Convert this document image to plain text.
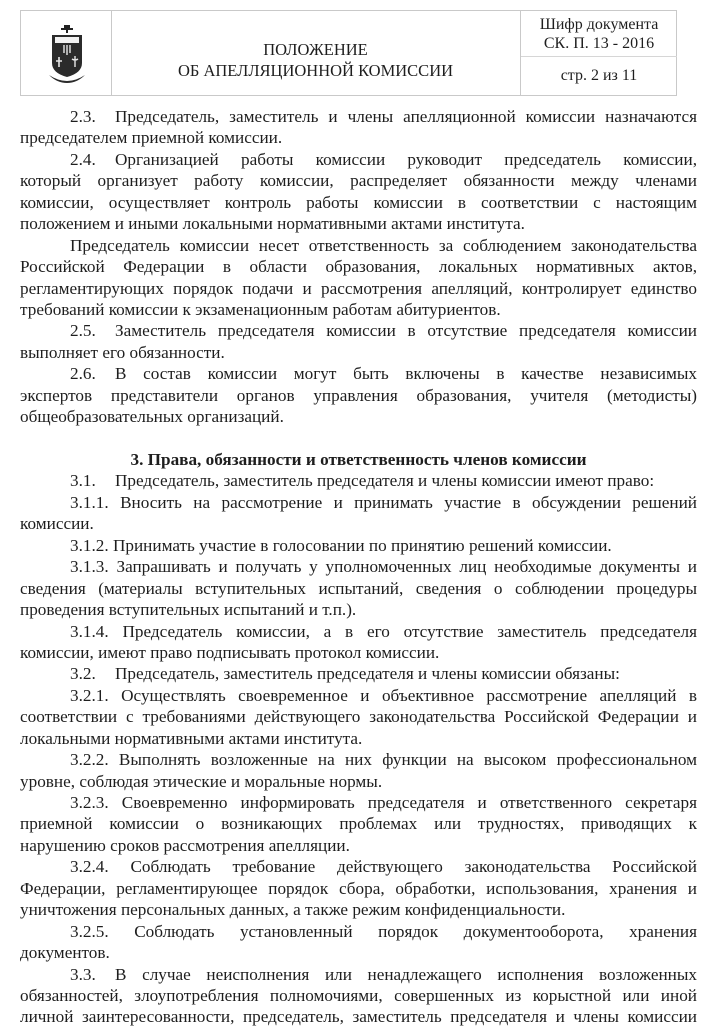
ПОЛОЖЕНИЕ
ОБ АПЕЛЛЯЦИОННОЙ КОМИССИИ
Шифр документа
СК. П. 13 - 2016
стр. 2 из 11
2.3. Председатель, заместитель и члены апелляционной комиссии назначаются
председателем приемной комиссии.
2.4. Организацией работы комиссии руководит председатель комиссии,
который организует работу комиссии, распределяет обязанности между членами
комиссии, осуществляет контроль работы комиссии в соответствии с настоящим
положением и иными локальными нормативными актами института.
Председатель комиссии несет ответственность за соблюдением законодательства
Российской Федерации в области образования, локальных нормативных актов,
регламентирующих порядок подачи и рассмотрения апелляций, контролирует единство
требований комиссии к экзаменационным работам абитуриентов.
2.5. Заместитель председателя комиссии в отсутствие председателя комиссии
выполняет его обязанности.
2.6. В состав комиссии могут быть включены в качестве независимых
экспертов представители органов управления образования, учителя (методисты)
общеобразовательных организаций.
3. Права, обязанности и ответственность членов комиссии
3.1. Председатель, заместитель председателя и члены комиссии имеют право:
3.1.1. Вносить на рассмотрение и принимать участие в обсуждении решений
комиссии.
3.1.2. Принимать участие в голосовании по принятию решений комиссии.
3.1.3. Запрашивать и получать у уполномоченных лиц необходимые документы и
сведения (материалы вступительных испытаний, сведения о соблюдении процедуры
проведения вступительных испытаний и т.п.).
3.1.4. Председатель комиссии, а в его отсутствие заместитель председателя
комиссии, имеют право подписывать протокол комиссии.
3.2. Председатель, заместитель председателя и члены комиссии обязаны:
3.2.1. Осуществлять своевременное и объективное рассмотрение апелляций в
соответствии с требованиями действующего законодательства Российской Федерации и
локальными нормативными актами института.
3.2.2. Выполнять возложенные на них функции на высоком профессиональном
уровне, соблюдая этические и моральные нормы.
3.2.3. Своевременно информировать председателя и ответственного секретаря
приемной комиссии о возникающих проблемах или трудностях, приводящих к
нарушению сроков рассмотрения апелляции.
3.2.4. Соблюдать требование действующего законодательства Российской
Федерации, регламентирующее порядок сбора, обработки, использования, хранения и
уничтожения персональных данных, а также режим конфиденциальности.
3.2.5. Соблюдать установленный порядок документооборота, хранения
документов.
3.3. В случае неисполнения или ненадлежащего исполнения возложенных
обязанностей, злоупотребления полномочиями, совершенных из корыстной или иной
личной заинтересованности, председатель, заместитель председателя и члены комиссии
